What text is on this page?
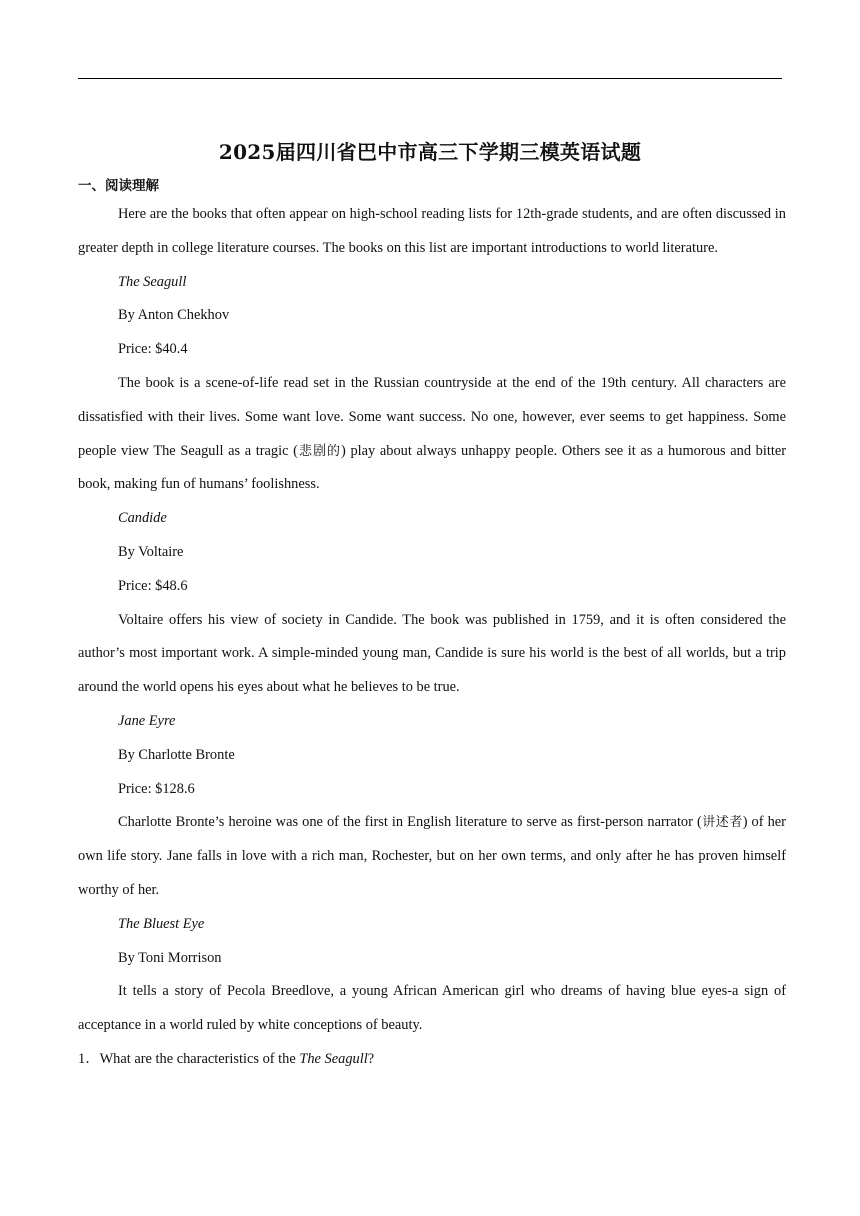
2025届四川省巴中市高三下学期三模英语试题
一、阅读理解

Here are the books that often appear on high-school reading lists for 12th-grade students, and are often discussed in greater depth in college literature courses. The books on this list are important introductions to world literature.

The Seagull

By Anton Chekhov

Price: $40.4

The book is a scene-of-life read set in the Russian countryside at the end of the 19th century. All characters are dissatisfied with their lives. Some want love. Some want success. No one, however, ever seems to get happiness. Some people view The Seagull as a tragic (悲剧的) play about always unhappy people. Others see it as a humorous and bitter book, making fun of humans’ foolishness.

Candide

By Voltaire

Price: $48.6

Voltaire offers his view of society in Candide. The book was published in 1759, and it is often considered the author’s most important work. A simple-minded young man, Candide is sure his world is the best of all worlds, but a trip around the world opens his eyes about what he believes to be true.

Jane Eyre

By Charlotte Bronte

Price: $128.6

Charlotte Bronte’s heroine was one of the first in English literature to serve as first-person narrator (讲述者) of her own life story. Jane falls in love with a rich man, Rochester, but on her own terms, and only after he has proven himself worthy of her.

The Bluest Eye

By Toni Morrison

It tells a story of Pecola Breedlove, a young African American girl who dreams of having blue eyes-a sign of acceptance in a world ruled by white conceptions of beauty.

1．What are the characteristics of the The Seagull?
